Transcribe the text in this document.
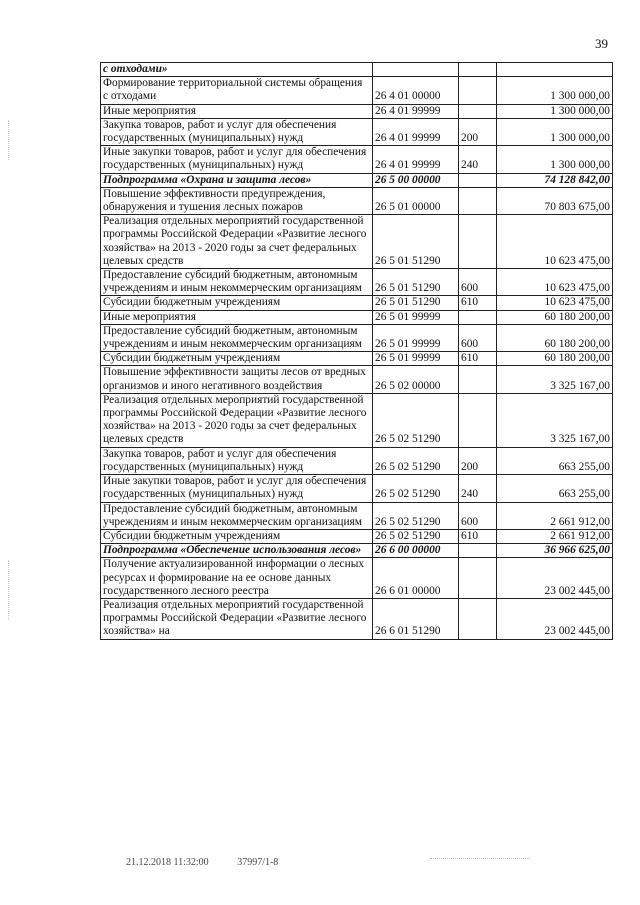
39
с отходами»			
Формирование территориальной системы обращения с отходами	26 4 01 00000		1 300 000,00
Иные мероприятия	26 4 01 99999		1 300 000,00
Закупка товаров, работ и услуг для обеспечения государственных (муниципальных) нужд	26 4 01 99999	200	1 300 000,00
Иные закупки товаров, работ и услуг для обеспечения государственных (муниципальных) нужд	26 4 01 99999	240	1 300 000,00
Подпрограмма «Охрана и защита лесов»	26 5 00 00000		74 128 842,00
Повышение эффективности предупреждения, обнаружения и тушения лесных пожаров	26 5 01 00000		70 803 675,00
Реализация отдельных мероприятий государственной программы Российской Федерации «Развитие лесного хозяйства» на 2013 - 2020 годы за счет федеральных целевых средств	26 5 01 51290		10 623 475,00
Предоставление субсидий бюджетным, автономным учреждениям и иным некоммерческим организациям	26 5 01 51290	600	10 623 475,00
Субсидии бюджетным учреждениям	26 5 01 51290	610	10 623 475,00
Иные мероприятия	26 5 01 99999		60 180 200,00
Предоставление субсидий бюджетным, автономным учреждениям и иным некоммерческим организациям	26 5 01 99999	600	60 180 200,00
Субсидии бюджетным учреждениям	26 5 01 99999	610	60 180 200,00
Повышение эффективности защиты лесов от вредных организмов и иного негативного воздействия	26 5 02 00000		3 325 167,00
Реализация отдельных мероприятий государственной программы Российской Федерации «Развитие лесного хозяйства» на 2013 - 2020 годы за счет федеральных целевых средств	26 5 02 51290		3 325 167,00
Закупка товаров, работ и услуг для обеспечения государственных (муниципальных) нужд	26 5 02 51290	200	663 255,00
Иные закупки товаров, работ и услуг для обеспечения государственных (муниципальных) нужд	26 5 02 51290	240	663 255,00
Предоставление субсидий бюджетным, автономным учреждениям и иным некоммерческим организациям	26 5 02 51290	600	2 661 912,00
Субсидии бюджетным учреждениям	26 5 02 51290	610	2 661 912,00
Подпрограмма «Обеспечение использования лесов»	26 6 00 00000		36 966 625,00
Получение актуализированной информации о лесных ресурсах и формирование на ее основе данных государственного лесного реестра	26 6 01 00000		23 002 445,00
Реализация отдельных мероприятий государственной программы Российской Федерации «Развитие лесного хозяйства» на	26 6 01 51290		23 002 445,00
21.12.2018 11:32:00	37997/1-8
